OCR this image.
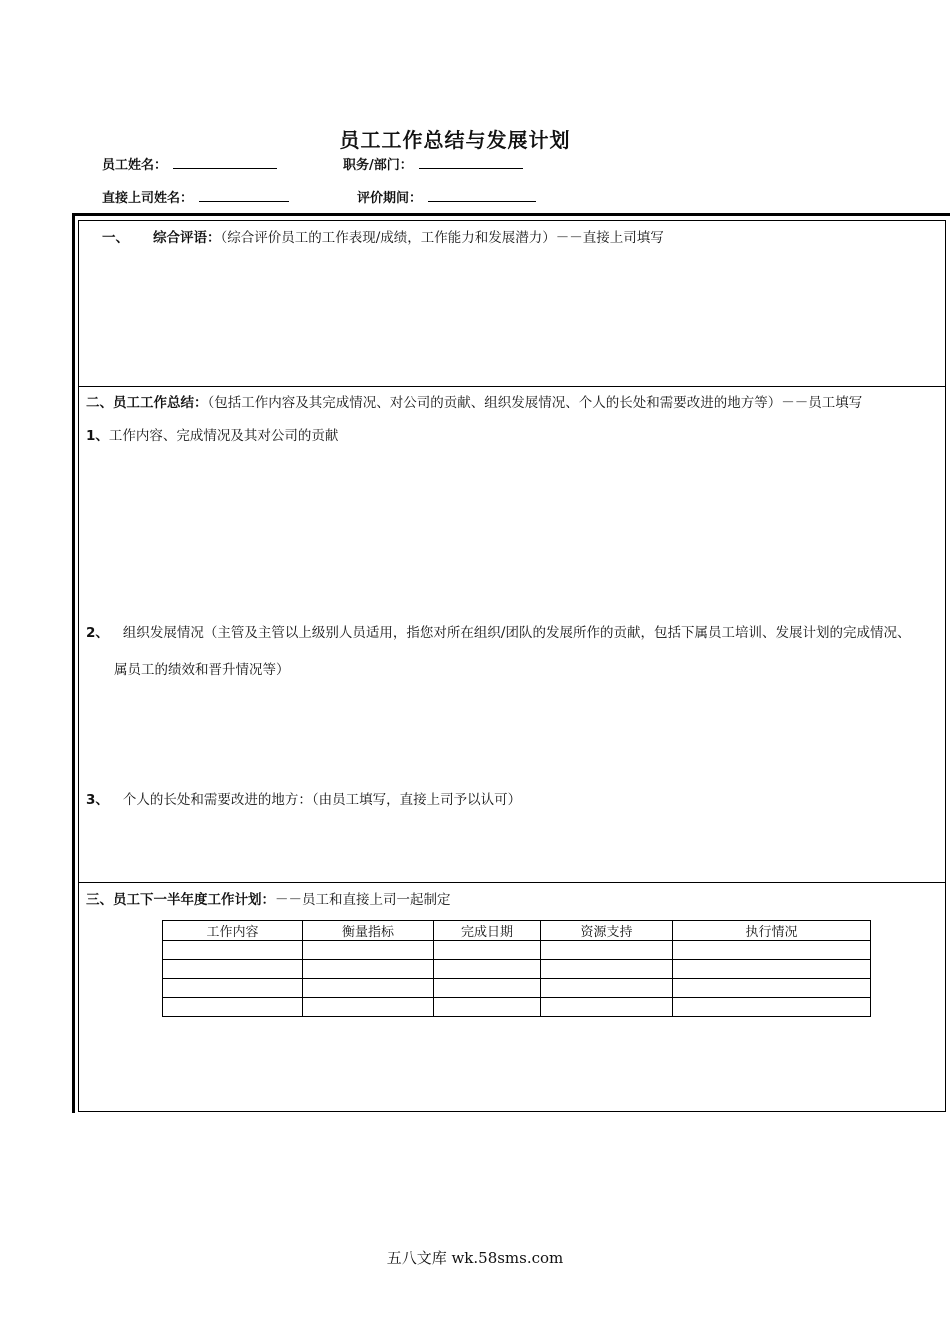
员工工作总结与发展计划
员工姓名：	职务/部门：
直接上司姓名：	评价期间：
一、 综合评语：（综合评价员工的工作表现/成绩，工作能力和发展潜力）－－直接上司填写
二、员工工作总结：（包括工作内容及其完成情况、对公司的贡献、组织发展情况、个人的长处和需要改进的地方等）－－员工填写
1、工作内容、完成情况及其对公司的贡献
2、 组织发展情况（主管及主管以上级别人员适用，指您对所在组织/团队的发展所作的贡献，包括下属员工培训、发展计划的完成情况、
属员工的绩效和晋升情况等）
3、 个人的长处和需要改进的地方：（由员工填写，直接上司予以认可）
三、员工下一半年度工作计划：－－员工和直接上司一起制定
工作内容	衡量指标	完成日期	资源支持	执行情况

五八文库 wk.58sms.com
